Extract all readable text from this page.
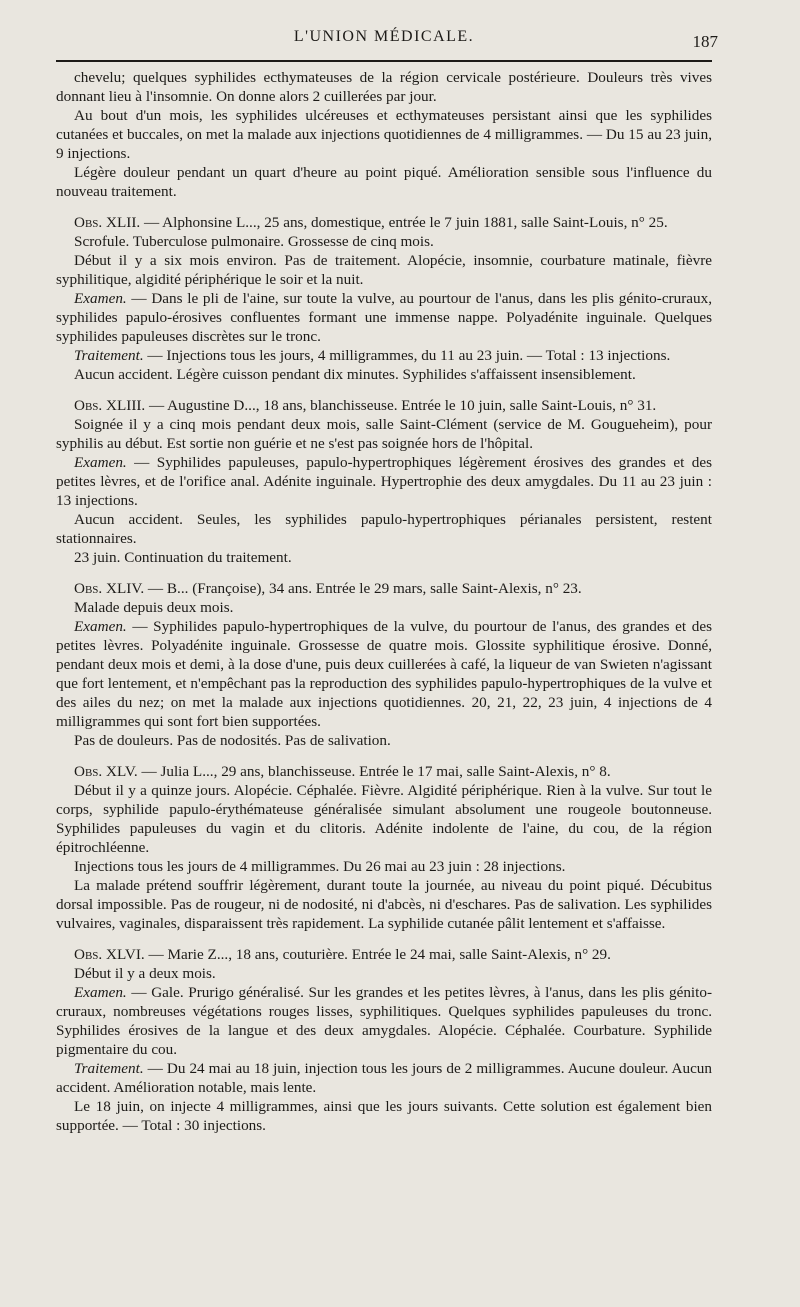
L'UNION MÉDICALE.	187

chevelu; quelques syphilides ecthymateuses de la région cervicale postérieure. Douleurs très vives donnant lieu à l'insomnie. On donne alors 2 cuillerées par jour.

Au bout d'un mois, les syphilides ulcéreuses et ecthymateuses persistant ainsi que les syphilides cutanées et buccales, on met la malade aux injections quotidiennes de 4 milligrammes. — Du 15 au 23 juin, 9 injections.

Légère douleur pendant un quart d'heure au point piqué. Amélioration sensible sous l'influence du nouveau traitement.

Obs. XLII. — Alphonsine L..., 25 ans, domestique, entrée le 7 juin 1881, salle Saint-Louis, n° 25.

Scrofule. Tuberculose pulmonaire. Grossesse de cinq mois.

Début il y a six mois environ. Pas de traitement. Alopécie, insomnie, courbature matinale, fièvre syphilitique, algidité périphérique le soir et la nuit.

Examen. — Dans le pli de l'aine, sur toute la vulve, au pourtour de l'anus, dans les plis génito-cruraux, syphilides papulo-érosives confluentes formant une immense nappe. Polyadénite inguinale. Quelques syphilides papuleuses discrètes sur le tronc.

Traitement. — Injections tous les jours, 4 milligrammes, du 11 au 23 juin. — Total : 13 injections.

Aucun accident. Légère cuisson pendant dix minutes. Syphilides s'affaissent insensiblement.

Obs. XLIII. — Augustine D..., 18 ans, blanchisseuse. Entrée le 10 juin, salle Saint-Louis, n° 31.

Soignée il y a cinq mois pendant deux mois, salle Saint-Clément (service de M. Gougueheim), pour syphilis au début. Est sortie non guérie et ne s'est pas soignée hors de l'hôpital.

Examen. — Syphilides papuleuses, papulo-hypertrophiques légèrement érosives des grandes et des petites lèvres, et de l'orifice anal. Adénite inguinale. Hypertrophie des deux amygdales. Du 11 au 23 juin : 13 injections.

Aucun accident. Seules, les syphilides papulo-hypertrophiques périanales persistent, restent stationnaires.

23 juin. Continuation du traitement.

Obs. XLIV. — B... (Françoise), 34 ans. Entrée le 29 mars, salle Saint-Alexis, n° 23.

Malade depuis deux mois.

Examen. — Syphilides papulo-hypertrophiques de la vulve, du pourtour de l'anus, des grandes et des petites lèvres. Polyadénite inguinale. Grossesse de quatre mois. Glossite syphilitique érosive. Donné, pendant deux mois et demi, à la dose d'une, puis deux cuillerées à café, la liqueur de van Swieten n'agissant que fort lentement, et n'empêchant pas la reproduction des syphilides papulo-hypertrophiques de la vulve et des ailes du nez; on met la malade aux injections quotidiennes. 20, 21, 22, 23 juin, 4 injections de 4 milligrammes qui sont fort bien supportées.

Pas de douleurs. Pas de nodosités. Pas de salivation.

Obs. XLV. — Julia L..., 29 ans, blanchisseuse. Entrée le 17 mai, salle Saint-Alexis, n° 8.

Début il y a quinze jours. Alopécie. Céphalée. Fièvre. Algidité périphérique. Rien à la vulve. Sur tout le corps, syphilide papulo-érythémateuse généralisée simulant absolument une rougeole boutonneuse. Syphilides papuleuses du vagin et du clitoris. Adénite indolente de l'aine, du cou, de la région épitrochléenne.

Injections tous les jours de 4 milligrammes. Du 26 mai au 23 juin : 28 injections.

La malade prétend souffrir légèrement, durant toute la journée, au niveau du point piqué. Décubitus dorsal impossible. Pas de rougeur, ni de nodosité, ni d'abcès, ni d'eschares. Pas de salivation. Les syphilides vulvaires, vaginales, disparaissent très rapidement. La syphilide cutanée pâlit lentement et s'affaisse.

Obs. XLVI. — Marie Z..., 18 ans, couturière. Entrée le 24 mai, salle Saint-Alexis, n° 29.

Début il y a deux mois.

Examen. — Gale. Prurigo généralisé. Sur les grandes et les petites lèvres, à l'anus, dans les plis génito-cruraux, nombreuses végétations rouges lisses, syphilitiques. Quelques syphilides papuleuses du tronc. Syphilides érosives de la langue et des deux amygdales. Alopécie. Céphalée. Courbature. Syphilide pigmentaire du cou.

Traitement. — Du 24 mai au 18 juin, injection tous les jours de 2 milligrammes. Aucune douleur. Aucun accident. Amélioration notable, mais lente.

Le 18 juin, on injecte 4 milligrammes, ainsi que les jours suivants. Cette solution est également bien supportée. — Total : 30 injections.
